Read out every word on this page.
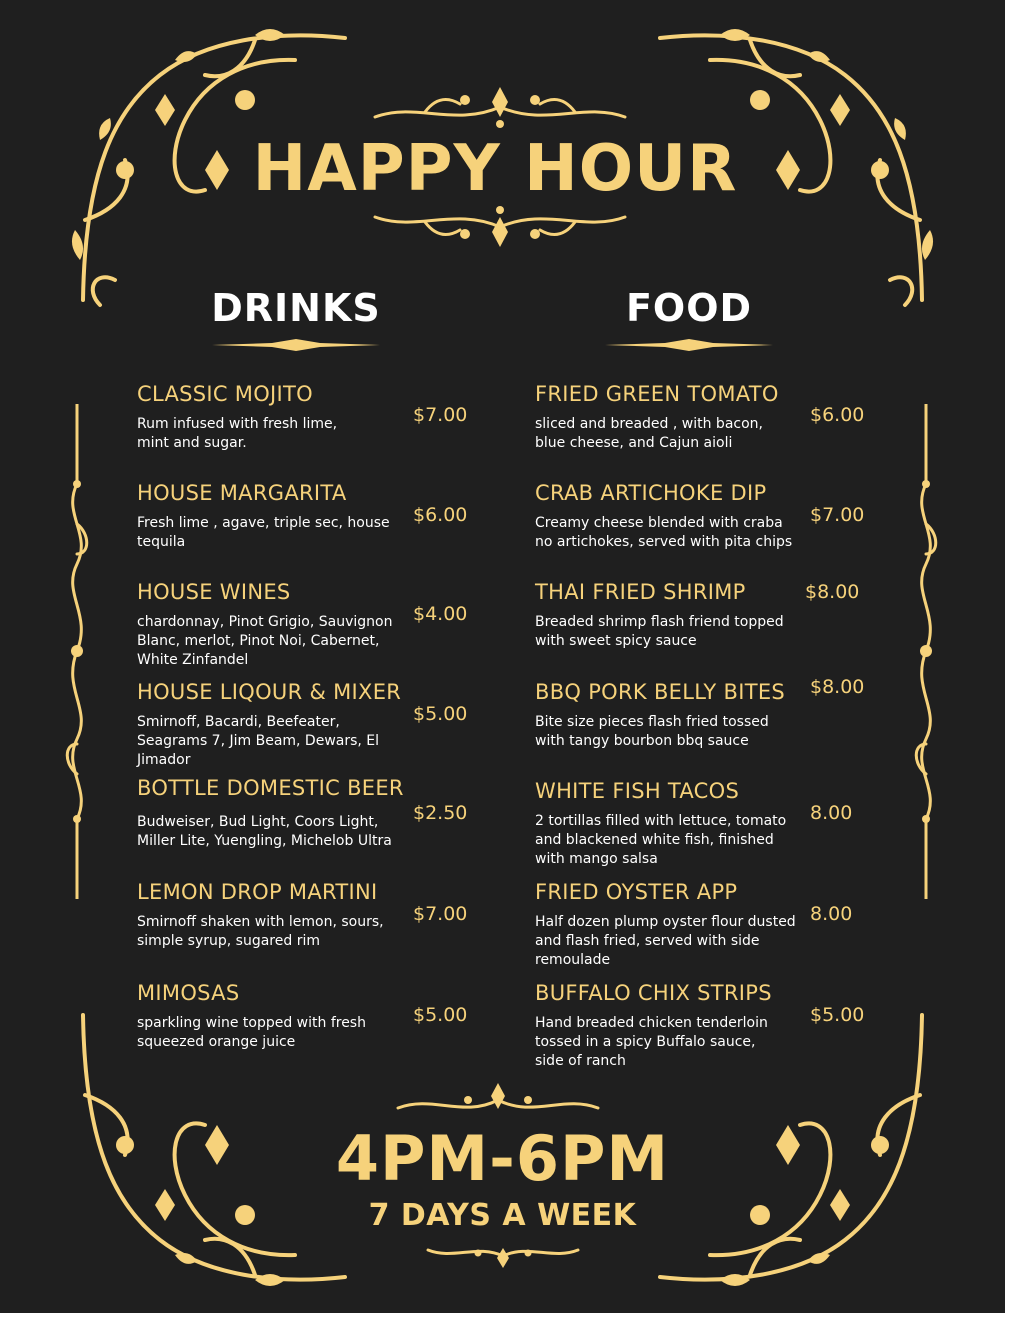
HAPPY HOUR
DRINKS	FOOD
CLASSIC MOJITO
Rum infused with fresh lime, mint and sugar.
$7.00
HOUSE MARGARITA
Fresh lime , agave, triple sec, house tequila
$6.00
HOUSE WINES
chardonnay, Pinot Grigio, Sauvignon Blanc, merlot, Pinot Noi, Cabernet, White Zinfandel
$4.00
HOUSE LIQOUR & MIXER
Smirnoff, Bacardi, Beefeater, Seagrams 7, Jim Beam, Dewars, El Jimador
$5.00
BOTTLE DOMESTIC BEER
Budweiser, Bud Light, Coors Light, Miller Lite, Yuengling, Michelob Ultra
$2.50
LEMON DROP MARTINI
Smirnoff shaken with lemon, sours, simple syrup, sugared rim
$7.00
MIMOSAS
sparkling wine topped with fresh squeezed orange juice
$5.00
FRIED GREEN TOMATO
sliced and breaded , with bacon, blue cheese, and Cajun aioli
$6.00
CRAB ARTICHOKE DIP
Creamy cheese blended with craba no artichokes, served with pita chips
$7.00
THAI FRIED SHRIMP
Breaded shrimp flash friend topped with sweet spicy sauce
$8.00
BBQ PORK BELLY BITES
Bite size pieces flash fried tossed with tangy bourbon bbq sauce
$8.00
WHITE FISH TACOS
2 tortillas filled with lettuce, tomato and blackened white fish, finished with mango salsa
8.00
FRIED OYSTER APP
Half dozen plump oyster flour dusted and flash fried, served with side remoulade
8.00
BUFFALO CHIX STRIPS
Hand breaded chicken tenderloin tossed in a spicy Buffalo sauce, side of ranch
$5.00
4PM-6PM
7 DAYS A WEEK
